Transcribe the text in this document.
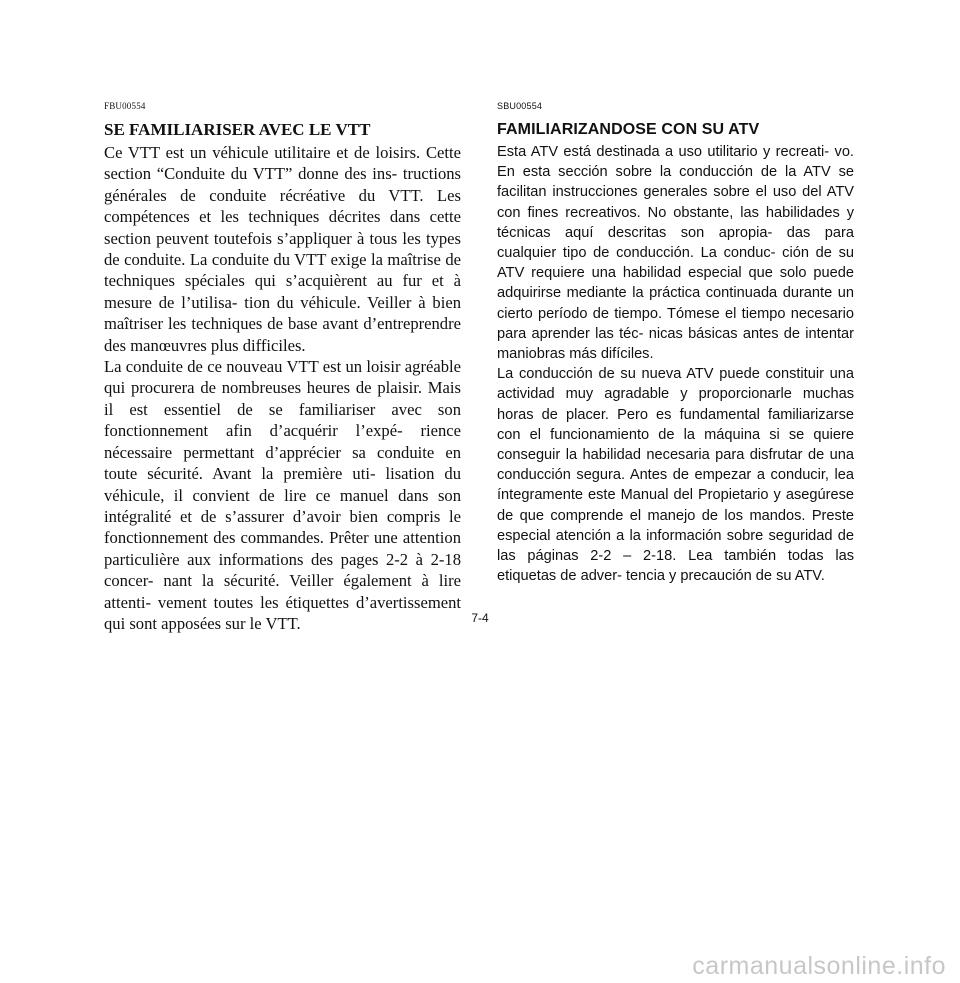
FBU00554
SE FAMILIARISER AVEC LE VTT

Ce VTT est un véhicule utilitaire et de loisirs. Cette section “Conduite du VTT” donne des ins- tructions générales de conduite récréative du VTT. Les compétences et les techniques décrites dans cette section peuvent toutefois s’appliquer à tous les types de conduite. La conduite du VTT exige la maîtrise de techniques spéciales qui s’acquièrent au fur et à mesure de l’utilisa- tion du véhicule. Veiller à bien maîtriser les techniques de base avant d’entreprendre des manœuvres plus difficiles.

La conduite de ce nouveau VTT est un loisir agréable qui procurera de nombreuses heures de plaisir. Mais il est essentiel de se familiariser avec son fonctionnement afin d’acquérir l’expé- rience nécessaire permettant d’apprécier sa conduite en toute sécurité. Avant la première uti- lisation du véhicule, il convient de lire ce manuel dans son intégralité et de s’assurer d’avoir bien compris le fonctionnement des commandes. Prêter une attention particulière aux informations des pages 2-2 à 2-18 concer- nant la sécurité. Veiller également à lire attenti- vement toutes les étiquettes d’avertissement qui sont apposées sur le VTT.

SBU00554
FAMILIARIZANDOSE CON SU ATV

Esta ATV está destinada a uso utilitario y recreati- vo. En esta sección sobre la conducción de la ATV se facilitan instrucciones generales sobre el uso del ATV con fines recreativos. No obstante, las habilidades y técnicas aquí descritas son apropia- das para cualquier tipo de conducción. La conduc- ción de su ATV requiere una habilidad especial que solo puede adquirirse mediante la práctica continuada durante un cierto período de tiempo. Tómese el tiempo necesario para aprender las téc- nicas básicas antes de intentar maniobras más difíciles.

La conducción de su nueva ATV puede constituir una actividad muy agradable y proporcionarle muchas horas de placer. Pero es fundamental familiarizarse con el funcionamiento de la máquina si se quiere conseguir la habilidad necesaria para disfrutar de una conducción segura. Antes de empezar a conducir, lea íntegramente este Manual del Propietario y asegúrese de que comprende el manejo de los mandos. Preste especial atención a la información sobre seguridad de las páginas 2-2 – 2-18. Lea también todas las etiquetas de adver- tencia y precaución de su ATV.

7-4
carmanualsonline.info
